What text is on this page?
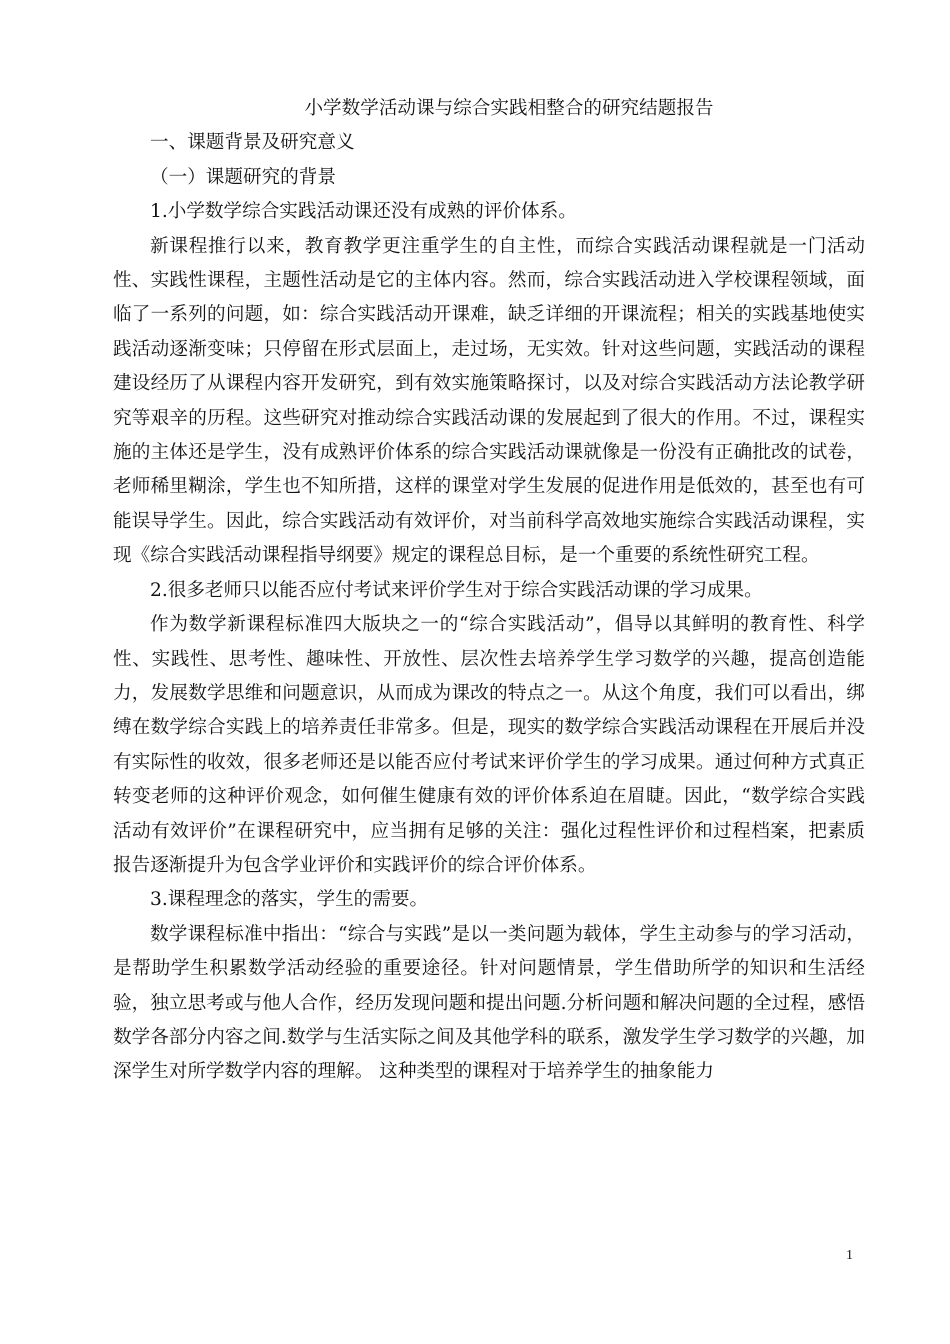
小学数学活动课与综合实践相整合的研究结题报告

一、课题背景及研究意义

（一）课题研究的背景

1.小学数学综合实践活动课还没有成熟的评价体系。

新课程推行以来，教育教学更注重学生的自主性，而综合实践活动课程就是一门活动性、实践性课程，主题性活动是它的主体内容。然而，综合实践活动进入学校课程领域，面临了一系列的问题，如：综合实践活动开课难，缺乏详细的开课流程；相关的实践基地使实践活动逐渐变味；只停留在形式层面上，走过场，无实效。针对这些问题，实践活动的课程建设经历了从课程内容开发研究，到有效实施策略探讨，以及对综合实践活动方法论教学研究等艰辛的历程。这些研究对推动综合实践活动课的发展起到了很大的作用。不过，课程实施的主体还是学生，没有成熟评价体系的综合实践活动课就像是一份没有正确批改的试卷，老师稀里糊涂，学生也不知所措，这样的课堂对学生发展的促进作用是低效的，甚至也有可能误导学生。因此，综合实践活动有效评价，对当前科学高效地实施综合实践活动课程，实现《综合实践活动课程指导纲要》规定的课程总目标，是一个重要的系统性研究工程。

2.很多老师只以能否应付考试来评价学生对于综合实践活动课的学习成果。

作为数学新课程标准四大版块之一的“综合实践活动”，倡导以其鲜明的教育性、科学性、实践性、思考性、趣味性、开放性、层次性去培养学生学习数学的兴趣，提高创造能力，发展数学思维和问题意识，从而成为课改的特点之一。从这个角度，我们可以看出，绑缚在数学综合实践上的培养责任非常多。但是，现实的数学综合实践活动课程在开展后并没有实际性的收效，很多老师还是以能否应付考试来评价学生的学习成果。通过何种方式真正转变老师的这种评价观念，如何催生健康有效的评价体系迫在眉睫。因此，“数学综合实践活动有效评价”在课程研究中，应当拥有足够的关注：强化过程性评价和过程档案，把素质报告逐渐提升为包含学业评价和实践评价的综合评价体系。

3.课程理念的落实，学生的需要。

数学课程标准中指出：“综合与实践”是以一类问题为载体，学生主动参与的学习活动，是帮助学生积累数学活动经验的重要途径。针对问题情景，学生借助所学的知识和生活经验，独立思考或与他人合作，经历发现问题和提出问题.分析问题和解决问题的全过程，感悟数学各部分内容之间.数学与生活实际之间及其他学科的联系，激发学生学习数学的兴趣，加深学生对所学数学内容的理解。 这种类型的课程对于培养学生的抽象能力

1
